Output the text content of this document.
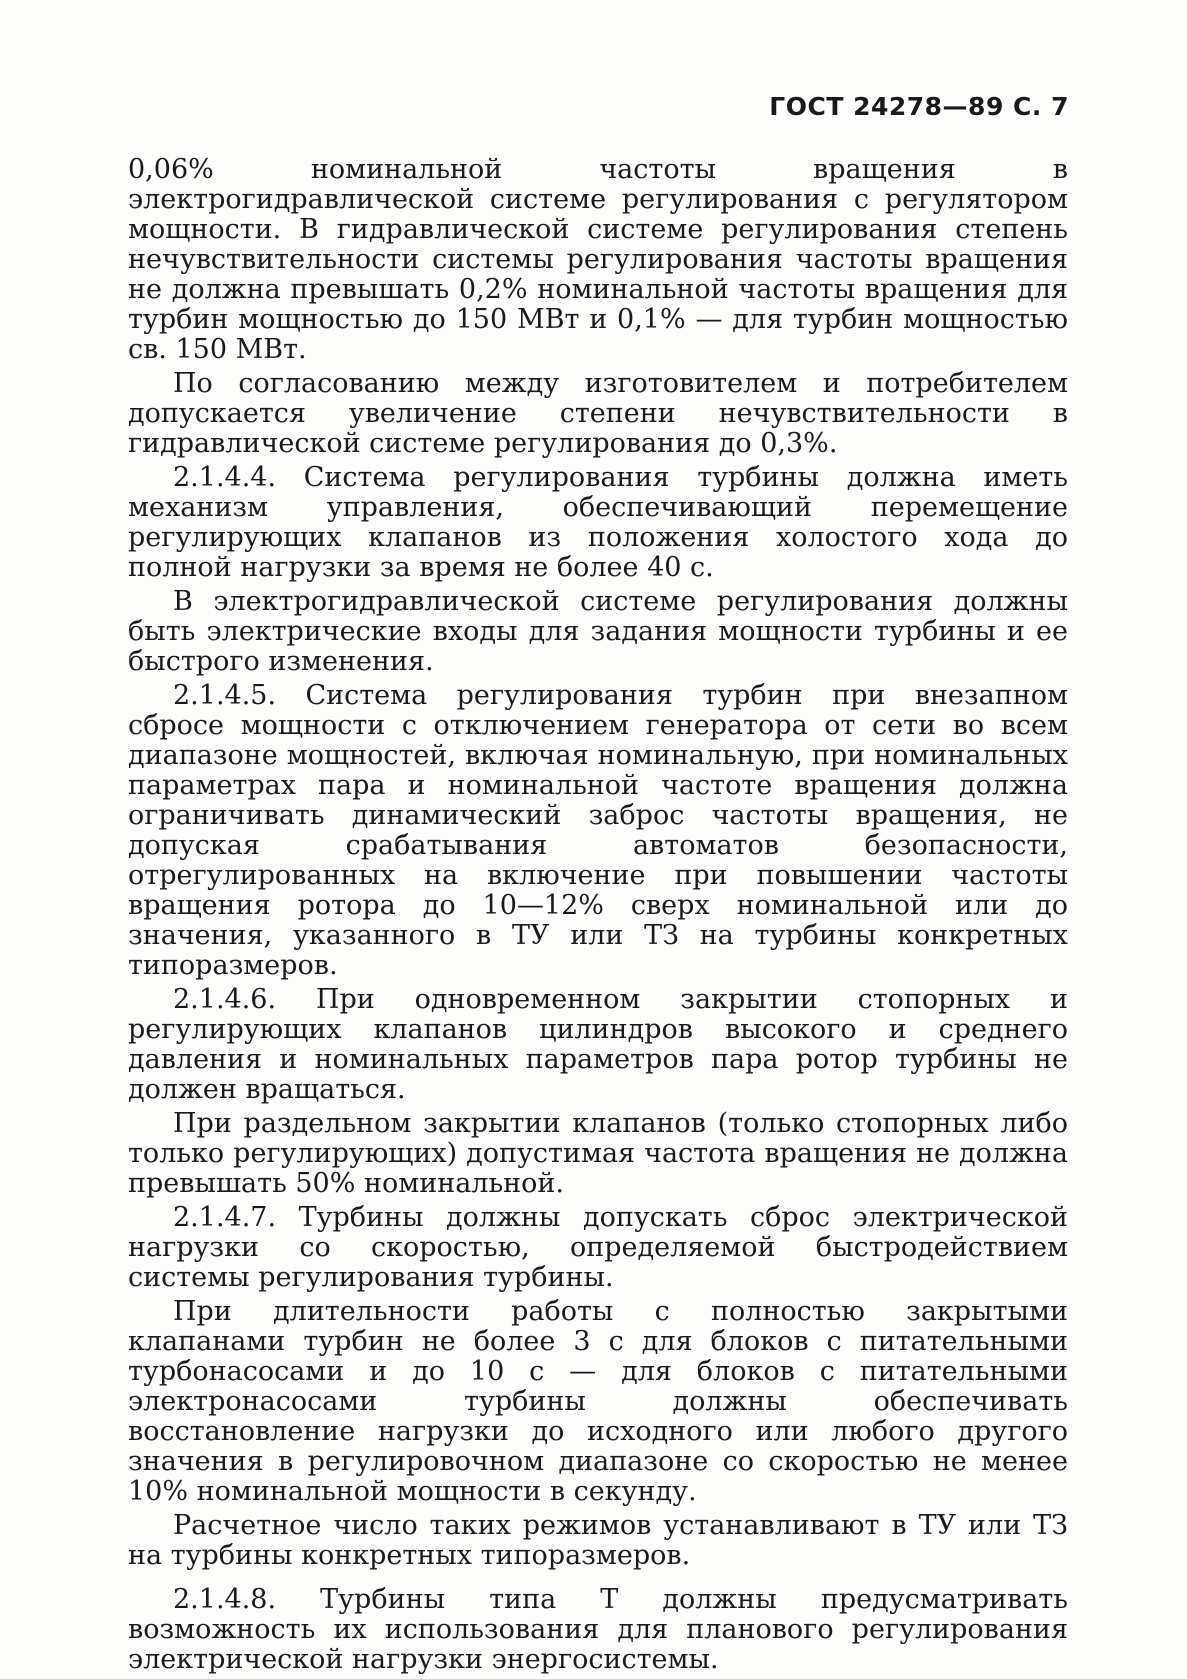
ГОСТ 24278—89 С. 7

0,06% номинальной частоты вращения в электрогидравлической системе регулирования с регулятором мощности. В гидравлической системе регулирования степень нечувствительности системы регулирования частоты вращения не должна превышать 0,2% номинальной частоты вращения для турбин мощностью до 150 МВт и 0,1% — для турбин мощностью св. 150 МВт.

По согласованию между изготовителем и потребителем допускается увеличение степени нечувствительности в гидравлической системе регулирования до 0,3%.

2.1.4.4. Система регулирования турбины должна иметь механизм управления, обеспечивающий перемещение регулирующих клапанов из положения холостого хода до полной нагрузки за время не более 40 с.

В электрогидравлической системе регулирования должны быть электрические входы для задания мощности турбины и ее быстрого изменения.

2.1.4.5. Система регулирования турбин при внезапном сбросе мощности с отключением генератора от сети во всем диапазоне мощностей, включая номинальную, при номинальных параметрах пара и номинальной частоте вращения должна ограничивать динамический заброс частоты вращения, не допуская срабатывания автоматов безопасности, отрегулированных на включение при повышении частоты вращения ротора до 10—12% сверх номинальной или до значения, указанного в ТУ или ТЗ на турбины конкретных типоразмеров.

2.1.4.6. При одновременном закрытии стопорных и регулирующих клапанов цилиндров высокого и среднего давления и номинальных параметров пара ротор турбины не должен вращаться.

При раздельном закрытии клапанов (только стопорных либо только регулирующих) допустимая частота вращения не должна превышать 50% номинальной.

2.1.4.7. Турбины должны допускать сброс электрической нагрузки со скоростью, определяемой быстродействием системы регулирования турбины.

При длительности работы с полностью закрытыми клапанами турбин не более 3 с для блоков с питательными турбонасосами и до 10 с — для блоков с питательными электронасосами турбины должны обеспечивать восстановление нагрузки до исходного или любого другого значения в регулировочном диапазоне со скоростью не менее 10% номинальной мощности в секунду.

Расчетное число таких режимов устанавливают в ТУ или ТЗ на турбины конкретных типоразмеров.

2.1.4.8. Турбины типа Т должны предусматривать возможность их использования для планового регулирования электрической нагрузки энергосистемы.
